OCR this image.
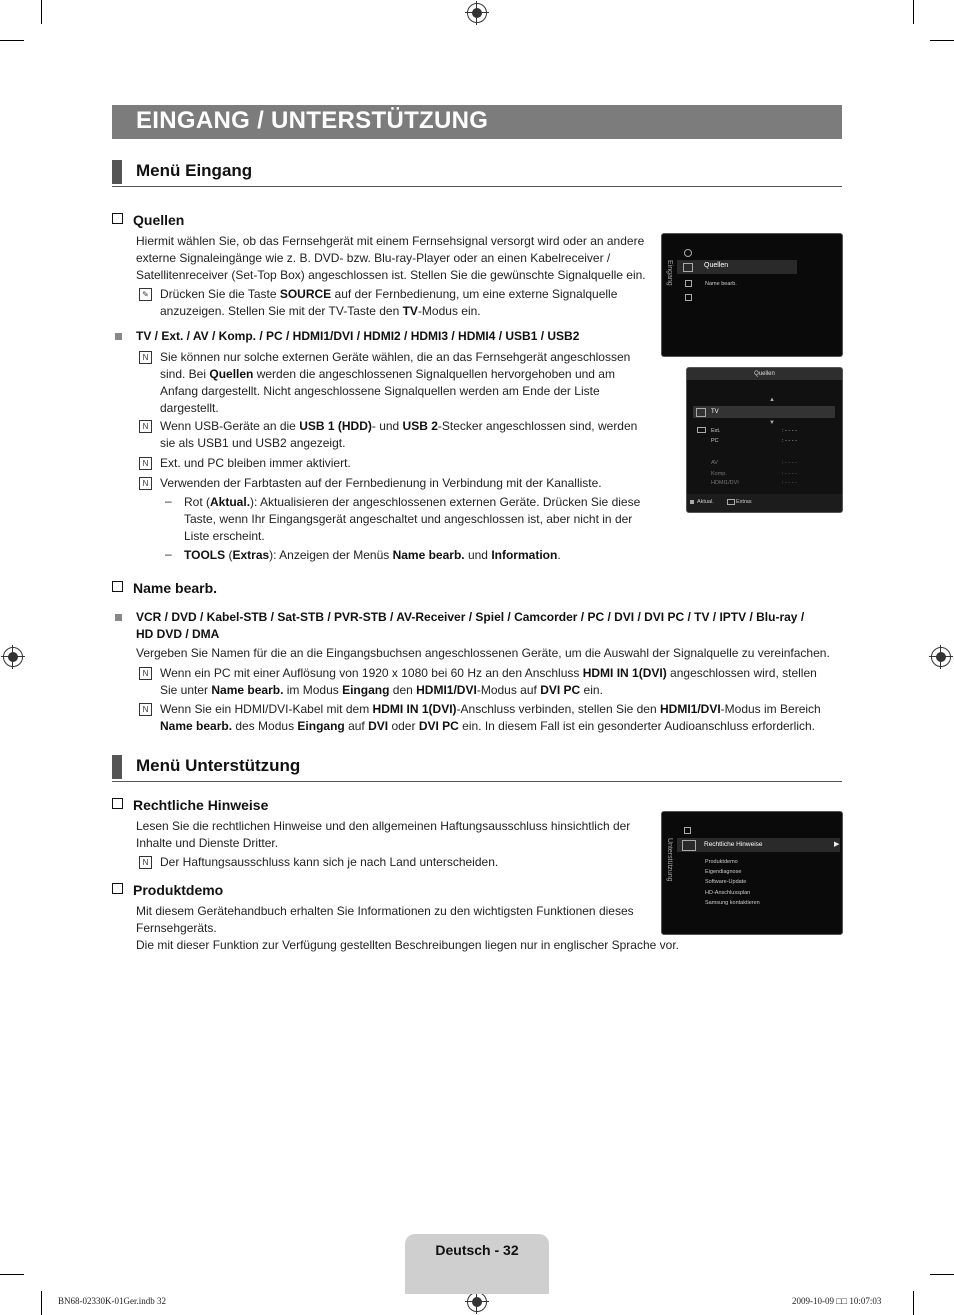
EINGANG / UNTERSTÜTZUNG
Menü Eingang
Quellen
Hiermit wählen Sie, ob das Fernsehgerät mit einem Fernsehsignal versorgt wird oder an andere
externe Signaleingänge wie z. B. DVD- bzw. Blu-ray-Player oder an einen Kabelreceiver /
Satellitenreceiver (Set-Top Box) angeschlossen ist. Stellen Sie die gewünschte Signalquelle ein.
✎ Drücken Sie die Taste SOURCE auf der Fernbedienung, um eine externe Signalquelle
anzuzeigen. Stellen Sie mit der TV-Taste den TV-Modus ein.
TV / Ext. / AV / Komp. / PC / HDMI1/DVI / HDMI2 / HDMI3 / HDMI4 / USB1 / USB2
N Sie können nur solche externen Geräte wählen, die an das Fernsehgerät angeschlossen
sind. Bei Quellen werden die angeschlossenen Signalquellen hervorgehoben und am
Anfang dargestellt. Nicht angeschlossene Signalquellen werden am Ende der Liste
dargestellt.
N Wenn USB-Geräte an die USB 1 (HDD)- und USB 2-Stecker angeschlossen sind, werden
sie als USB1 und USB2 angezeigt.
N Ext. und PC bleiben immer aktiviert.
N Verwenden der Farbtasten auf der Fernbedienung in Verbindung mit der Kanalliste.
– Rot (Aktual.): Aktualisieren der angeschlossenen externen Geräte. Drücken Sie diese
Taste, wenn Ihr Eingangsgerät angeschaltet und angeschlossen ist, aber nicht in der
Liste erscheint.
– TOOLS (Extras): Anzeigen der Menüs Name bearb. und Information.
Name bearb.
VCR / DVD / Kabel-STB / Sat-STB / PVR-STB / AV-Receiver / Spiel / Camcorder / PC / DVI / DVI PC / TV / IPTV / Blu-ray /
HD DVD / DMA
Vergeben Sie Namen für die an die Eingangsbuchsen angeschlossenen Geräte, um die Auswahl der Signalquelle zu vereinfachen.
N Wenn ein PC mit einer Auflösung von 1920 x 1080 bei 60 Hz an den Anschluss HDMI IN 1(DVI) angeschlossen wird, stellen
Sie unter Name bearb. im Modus Eingang den HDMI1/DVI-Modus auf DVI PC ein.
N Wenn Sie ein HDMI/DVI-Kabel mit dem HDMI IN 1(DVI)-Anschluss verbinden, stellen Sie den HDMI1/DVI-Modus im Bereich
Name bearb. des Modus Eingang auf DVI oder DVI PC ein. In diesem Fall ist ein gesonderter Audioanschluss erforderlich.
Menü Unterstützung
Rechtliche Hinweise
Lesen Sie die rechtlichen Hinweise und den allgemeinen Haftungsausschluss hinsichtlich der
Inhalte und Dienste Dritter.
N Der Haftungsausschluss kann sich je nach Land unterscheiden.
Produktdemo
Mit diesem Gerätehandbuch erhalten Sie Informationen zu den wichtigsten Funktionen dieses
Fernsehgeräts.
Die mit dieser Funktion zur Verfügung gestellten Beschreibungen liegen nur in englischer Sprache vor.
Eingang	Quellen
Name bearb.
Quellen
▲
TV
▼
Ext.	: - - - -
PC	: - - - -
AV	: - - - -
Komp.	: - - - -
HDMI1/DVI	: - - - -
Aktual.	Extras
Unterstützung	Rechtliche Hinweise	▶
Produktdemo
Eigendiagnose
Software-Update
HD-Anschlussplan
Samsung kontaktieren
Deutsch - 32
BN68-02330K-01Ger.indb 32	2009-10-09 □□ 10:07:03
